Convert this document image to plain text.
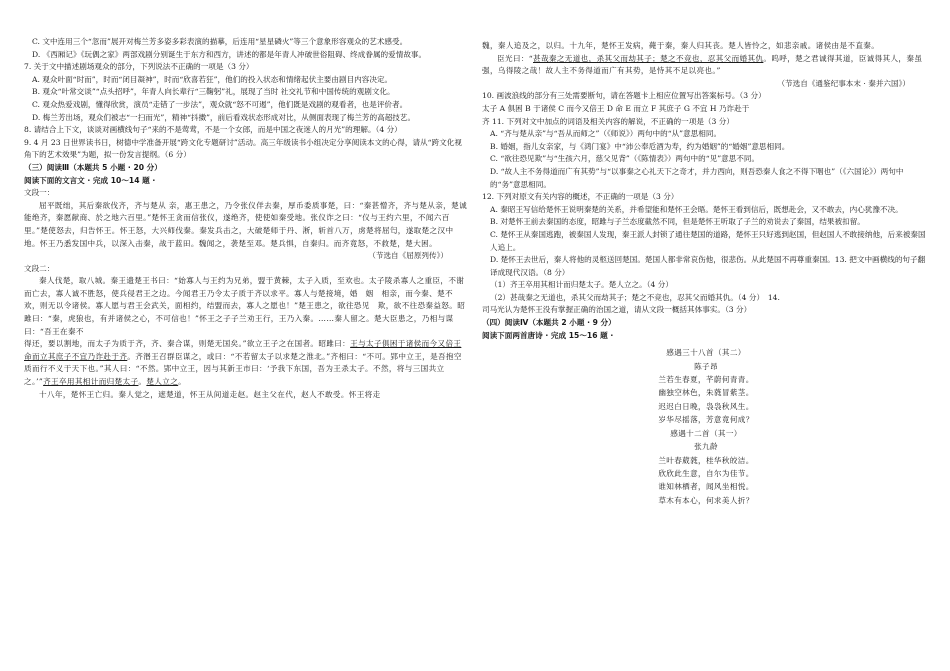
C. 文中连用三个“忽而”展开对梅兰芳多姿多彩表演的描摹，后连用“星星磷火”等三个意象形容观众的艺术感受。

D. 《西厢记》《玩偶之家》两部戏剧分别诞生于东方和西方，讲述的都是年青人冲破世俗阻碍、终成眷属的爱情故事。

7. 关于文中描述剧场观众的部分，下列说法不正确的一项是（3 分）

A. 观众叶面“时而”，时而“闭目凝神”，时而“欣喜若狂”，他们的投入状态和情绪起伏主要由剧目内容决定。

B. 观众“叶常交谈”“点头招呼”，年青人向长辈行“三鞠躬”礼，展现了当时 社交礼节和中国传统的观剧文化。

C. 观众热爱戏剧，懂得欣赏，演员“走错了一步法”，观众就“怒不可遏”，他们既是戏剧的观看者，也是评价者。

D. 梅兰芳出场，观众们被志“一扫而光”，精神“抖擞”，前后看戏状态形成对比，从侧面表现了梅兰芳的高超技艺。

8. 请结合上下文，谈谈对画横线句子“来的不是莺莺，不是一个女郎，而是中国之夜迷人的月光”的理解。（4 分）

9. 4 月 23 日世界读书日，树德中学准备开展“跨文化专题研讨”活动。高三年级读书小组决定分享阅读本文的心得，请从“跨文化视角下的艺术效果”为题，拟一份发言提纲。（6 分）

（三）阅读Ⅲ（本题共 5 小题 · 20 分）

阅读下面的文言文 · 完成 10～14 题 ·

文段一：

屈平既绌，其后秦欲伐齐，齐与楚从 亲，惠王患之，乃令张仪佯去秦，厚币委质事楚，曰：“秦甚憎齐，齐与楚从亲，楚诚能绝齐，秦愿献商、於之地六百里。”楚怀王贪而信张仪，遂绝齐，使使如秦受地。张仪诈之曰：“仪与王约六里，不闻六百里。”楚使怒去，归告怀王。怀王怒，大兴师伐秦。秦发兵击之，大破楚师于丹、淅，斩首八万，虏楚将屈匄，遂取楚之汉中地。怀王乃悉发国中兵，以深入击秦，战于蓝田。魏闻之，袭楚至邓。楚兵惧，自秦归。而齐竟怒，不救楚，楚大困。

（节选自《屈原列传》）

文段二：

秦人伐楚，取八城。秦王遗楚王书曰：“始寡人与王约为兄弟，盟于黄棘，太子入质，至欢也。太子陵杀寡人之重臣，不谢而亡去，寡人诚不胜怒，使兵侵君王之边。今闻君王乃令太子质于齐以求平。寡人与楚接境，婚　姻　相亲，而今秦、楚不欢，则无以令诸侯。寡人愿与君王会武关，面相约，结盟而去，寡人之愿也！”楚王患之，欲往恐见　欺，欲不往恐秦益怒。昭雎曰：“秦，虎狼也，有并诸侯之心，不可信也！”怀王之子子兰劝王行，王乃入秦。……秦人留之。楚大臣患之，乃相与谋曰：“吾王在秦不

得还，要以割地，而太子为质于齐，齐、秦合谋，则楚无国矣。”欲立王子之在国者。昭雎曰：王与太子俱困于诸侯而今又倍王命而立其庶子不宜乃诈赴于齐。齐湣王召群臣谋之，或曰：“不若留太子以求楚之淮北。”齐相曰：“不可。郢中立王，是吾抱空质而行不义于天下也。”其人曰：“不然。郢中立王，因与其新王市曰：‘予我下东国，吾为王杀太子。不然，将与三国共立之。’”齐王卒用其相计而归楚太子。楚人立之。

十八年，楚怀王亡归。秦人觉之，遮楚道，怀王从间道走赵。赵主父在代，赵人不敢受。怀王将走

魏，秦人追及之，以归。十九年，楚怀王发病，薨于秦，秦人归其丧。楚人皆怜之，如悲亲戚。诸侯由是不直秦。

臣光曰：“甚哉秦之无道也，杀其父而劫其子；楚之不竞也，忍其父而婚其仇。呜呼，楚之君诚得其道，臣诚得其人，秦虽强，乌得陵之哉！故人主不务得道而广有其势，是恃其不足以亮也。”

（节选自《通鉴纪事本末 · 秦并六国》）

10. 画波浪线的部分有三处需要断句，请在答题卡上相应位置写出答案标号。（3 分）

太子 A 俱困 B 于诸侯 C 而今又倍王 D 命 E 而立 F 其庶子 G 不宜 H 乃诈赴于

齐 11. 下列对文中加点的词语及相关内容的解说，不正确的一项是（3 分）

A. “齐与楚从亲”与“吾从而师之”（《师说》）两句中的“从”意思相同。

B. 婚姻，指儿女亲家，与《鸿门宴》中“沛公奉卮酒为寿，约为婚姻”的“婚姻”意思相同。

C. “欲往恐见欺”与“生孩六月，慈父见背”（《陈情表》）两句中的“见”意思不同。

D. “故人主不务得道而广有其势”与“以事秦之心礼天下之奇才，并力西向，则吾恐秦人食之不得下咽也”（《六国论》）两句中的“务”意思相同。

12. 下列对原文有关内容的概述，不正确的一项是（3 分）

A. 秦昭王写信给楚怀王说明秦楚的关系，并希望能和楚怀王会晤。楚怀王看到信后，既想赴会，又不敢去，内心犹豫不决。

B. 对楚怀王前去秦国的态度，昭雎与子兰态度截然不同，但是楚怀王听取了子兰的劝说去了秦国，结果被扣留。

C. 楚怀王从秦国逃跑，被秦国人发现，秦王派人封锁了通往楚国的道路，楚怀王只好逃到赵国，但赵国人不敢接纳他，后来被秦国人追上。

D. 楚怀王去世后，秦人将他的灵柩送回楚国。楚国人都非常哀伤他，很悲伤。从此楚国不再尊重秦国。13. 把文中画横线的句子翻译成现代汉语。（8 分）

（1）齐王卒用其相计而归楚太子。楚人立之。（4 分）

（2）甚哉秦之无道也，杀其父而劫其子；楚之不竞也，忍其父而婚其仇。（4 分）　14.

司马光认为楚怀王没有掌握正确的治国之道，请从文段一概括其体事实。（3 分）

（四）阅读Ⅳ（本题共 2 小题 · 9 分）

阅读下面两首唐诗 · 完成 15～16 题 ·

感遇三十八首（其二）

陈子昂

兰若生春夏，芊蔚何青青。

幽独空林色，朱蕤冒紫茎。

迟迟白日晚，袅袅秋风生。

岁华尽摇落，芳意竟何成？

感遇十二首（其一）

张九龄

兰叶春葳蕤，桂华秋皎洁。

欣欣此生意，自尔为佳节。

谁知林栖者，闻风坐相悦。

草木有本心，何求美人折？
